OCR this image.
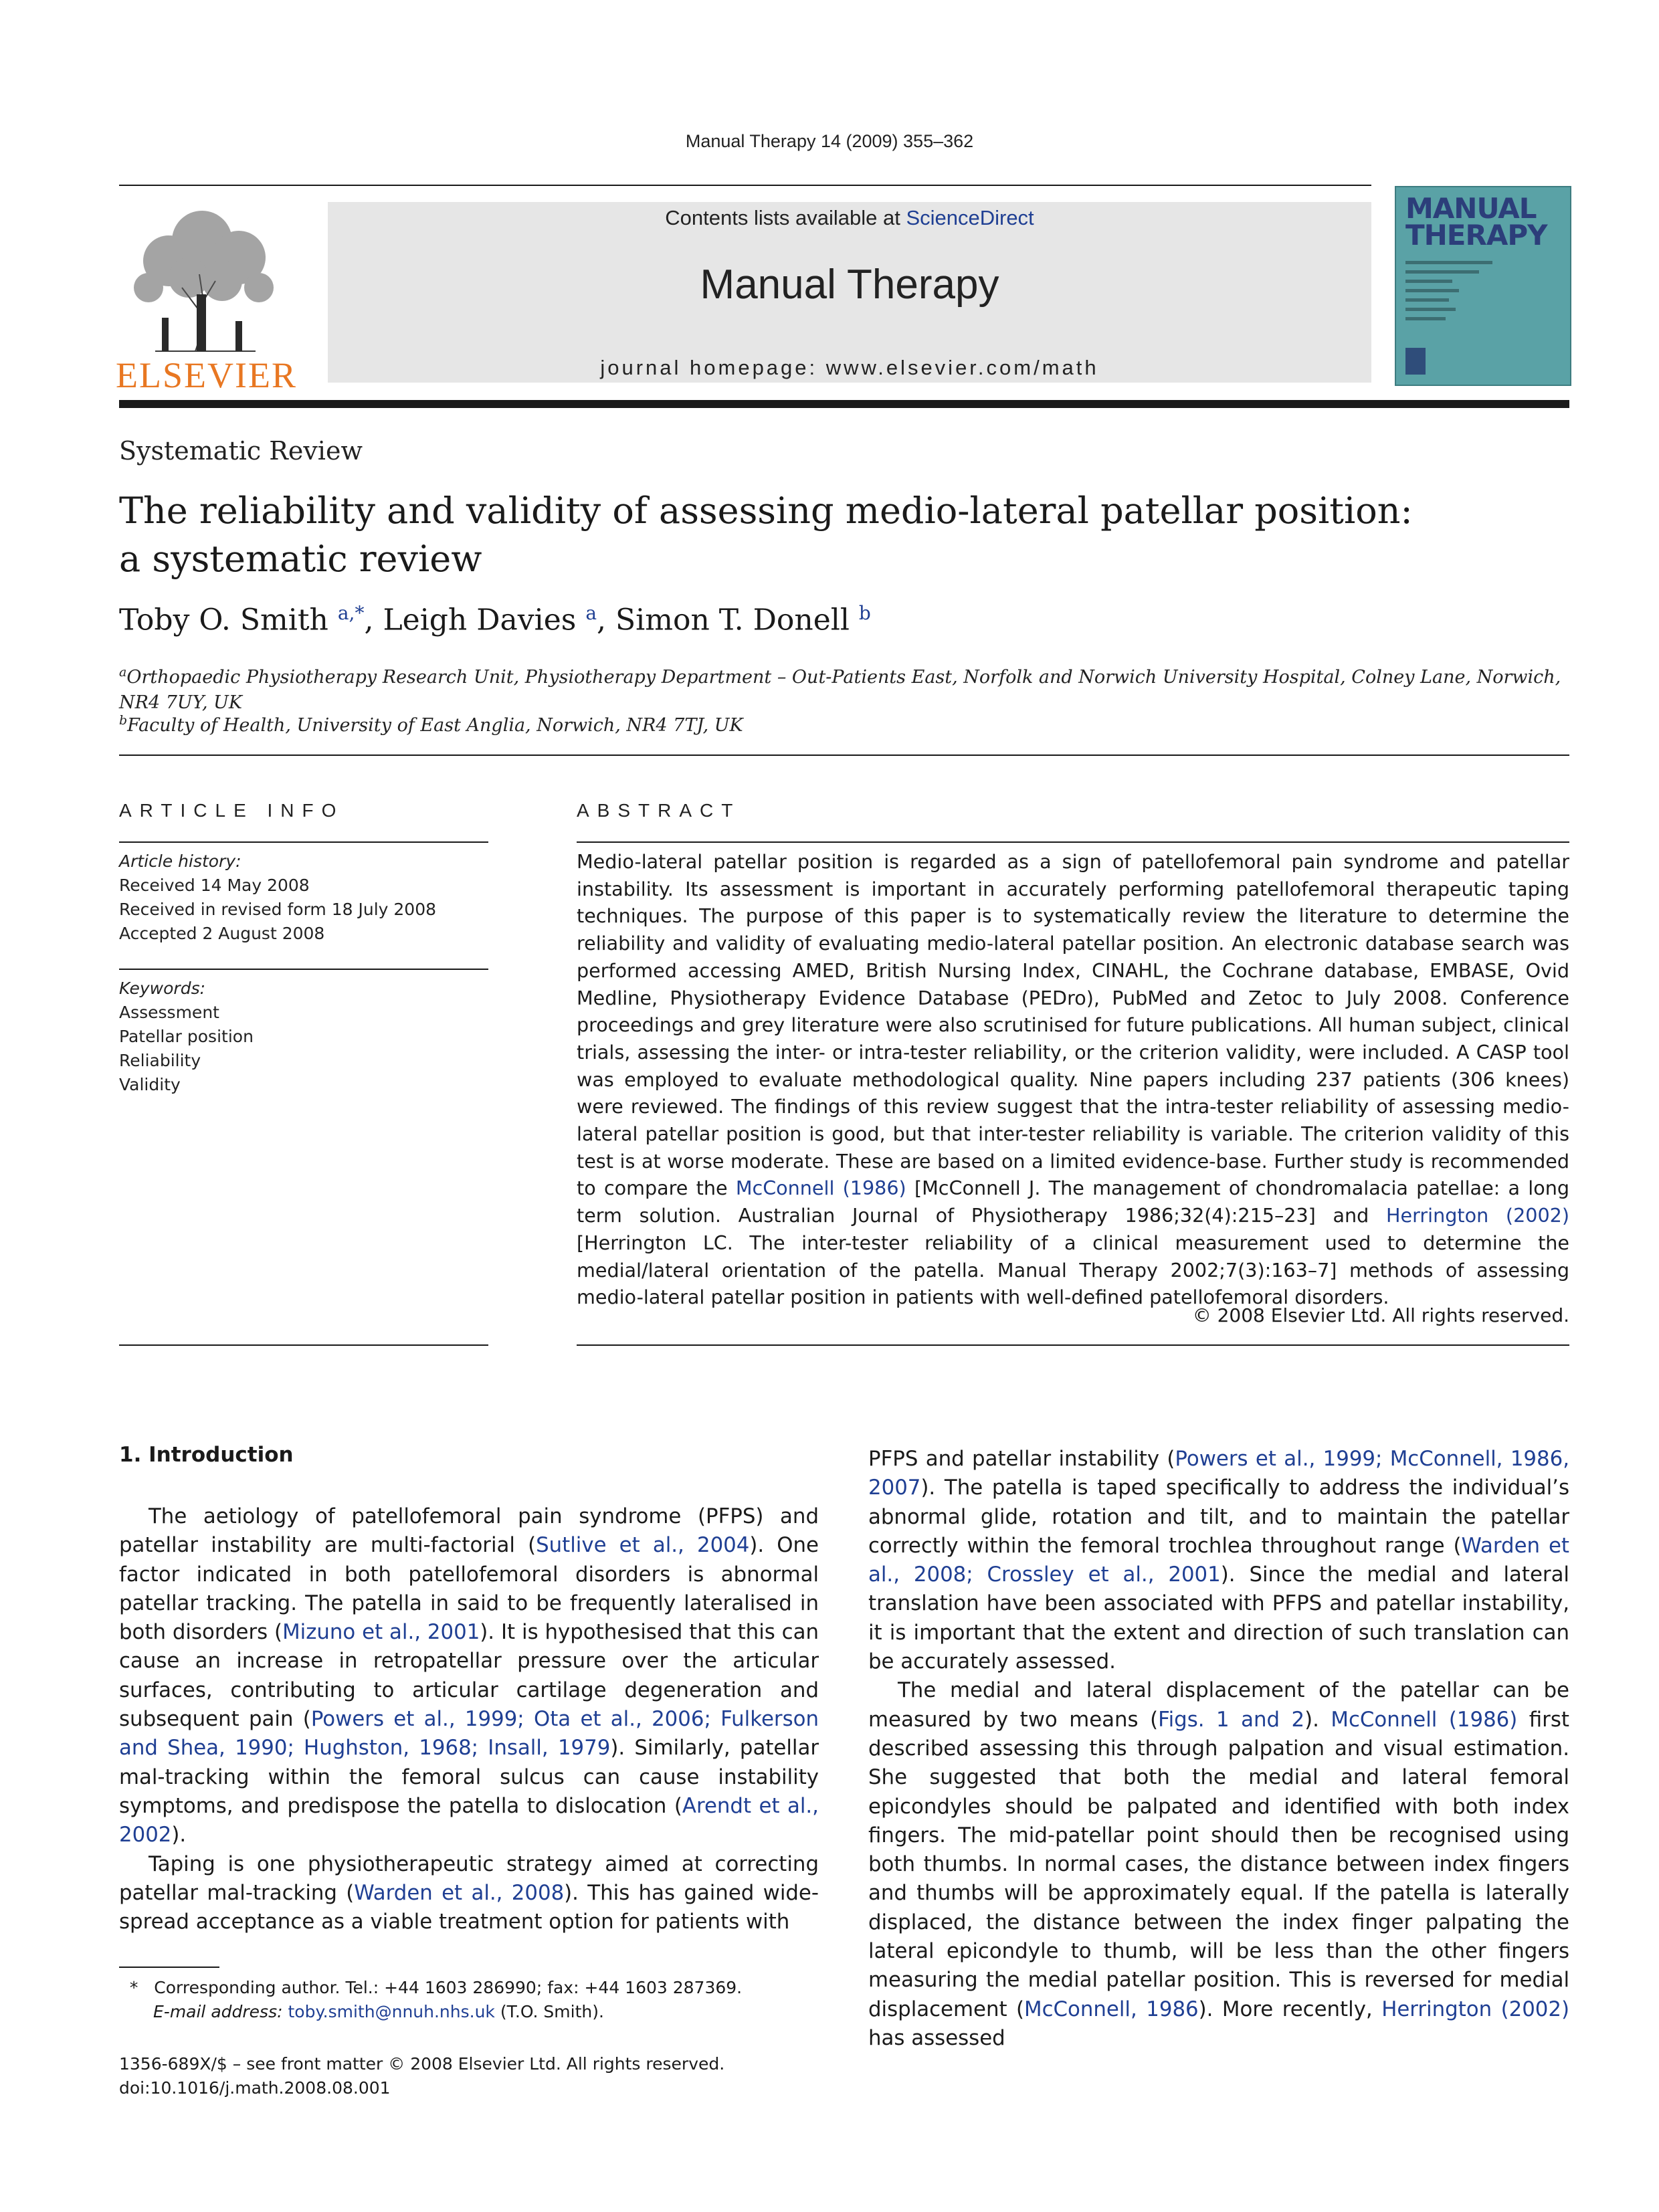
Manual Therapy 14 (2009) 355–362
ELSEVIER
Contents lists available at ScienceDirect
Manual Therapy
journal homepage: www.elsevier.com/math
MANUAL
THERAPY
Systematic Review
The reliability and validity of assessing medio-lateral patellar position:
a systematic review
Toby O. Smith $^{a,*}$, Leigh Davies $^a$, Simon T. Donell $^b$
$^a$Orthopaedic Physiotherapy Research Unit, Physiotherapy Department – Out-Patients East, Norfolk and Norwich University Hospital, Colney Lane, Norwich,
NR4 7UY, UK
$^b$Faculty of Health, University of East Anglia, Norwich, NR4 7TJ, UK
ARTICLE INFO
Article history:
Received 14 May 2008
Received in revised form 18 July 2008
Accepted 2 August 2008
Keywords:
Assessment
Patellar position
Reliability
Validity
ABSTRACT
Medio-lateral patellar position is regarded as a sign of patellofemoral pain syndrome and patellar instability. Its assessment is important in accurately performing patellofemoral therapeutic taping techniques. The purpose of this paper is to systematically review the literature to determine the reliability and validity of evaluating medio-lateral patellar position. An electronic database search was performed accessing AMED, British Nursing Index, CINAHL, the Cochrane database, EMBASE, Ovid Medline, Physiotherapy Evidence Database (PEDro), PubMed and Zetoc to July 2008. Conference proceedings and grey literature were also scrutinised for future publications. All human subject, clinical trials, assessing the inter- or intra-tester reliability, or the criterion validity, were included. A CASP tool was employed to evaluate methodological quality. Nine papers including 237 patients (306 knees) were reviewed. The findings of this review suggest that the intra-tester reliability of assessing medio-lateral patellar position is good, but that inter-tester reliability is variable. The criterion validity of this test is at worse moderate. These are based on a limited evidence-base. Further study is recommended to compare the McConnell (1986) [McConnell J. The management of chondromalacia patellae: a long term solution. Australian Journal of Physiotherapy 1986;32(4):215–23] and Herrington (2002) [Herrington LC. The inter-tester reliability of a clinical measurement used to determine the medial/lateral orientation of the patella. Manual Therapy 2002;7(3):163–7] methods of assessing medio-lateral patellar position in patients with well-defined patellofemoral disorders.
© 2008 Elsevier Ltd. All rights reserved.
1. Introduction

The aetiology of patellofemoral pain syndrome (PFPS) and patellar instability are multi-factorial (Sutlive et al., 2004). One factor indicated in both patellofemoral disorders is abnormal patellar tracking. The patella in said to be frequently lateralised in both disorders (Mizuno et al., 2001). It is hypothesised that this can cause an increase in retropatellar pressure over the articular surfaces, contributing to articular cartilage degeneration and subsequent pain (Powers et al., 1999; Ota et al., 2006; Fulkerson and Shea, 1990; Hughston, 1968; Insall, 1979). Similarly, patellar mal-tracking within the femoral sulcus can cause instability symptoms, and predispose the patella to dislocation (Arendt et al., 2002).

Taping is one physiotherapeutic strategy aimed at correcting patellar mal-tracking (Warden et al., 2008). This has gained wide-spread acceptance as a viable treatment option for patients with

PFPS and patellar instability (Powers et al., 1999; McConnell, 1986, 2007). The patella is taped specifically to address the individual’s abnormal glide, rotation and tilt, and to maintain the patellar correctly within the femoral trochlea throughout range (Warden et al., 2008; Crossley et al., 2001). Since the medial and lateral translation have been associated with PFPS and patellar instability, it is important that the extent and direction of such translation can be accurately assessed.

The medial and lateral displacement of the patellar can be measured by two means (Figs. 1 and 2). McConnell (1986) first described assessing this through palpation and visual estimation. She suggested that both the medial and lateral femoral epicondyles should be palpated and identified with both index fingers. The mid-patellar point should then be recognised using both thumbs. In normal cases, the distance between index fingers and thumbs will be approximately equal. If the patella is laterally displaced, the distance between the index finger palpating the lateral epicondyle to thumb, will be less than the other fingers measuring the medial patellar position. This is reversed for medial displacement (McConnell, 1986). More recently, Herrington (2002) has assessed

* Corresponding author. Tel.: +44 1603 286990; fax: +44 1603 287369.
E-mail address: toby.smith@nnuh.nhs.uk (T.O. Smith).
1356-689X/$ – see front matter © 2008 Elsevier Ltd. All rights reserved.
doi:10.1016/j.math.2008.08.001
